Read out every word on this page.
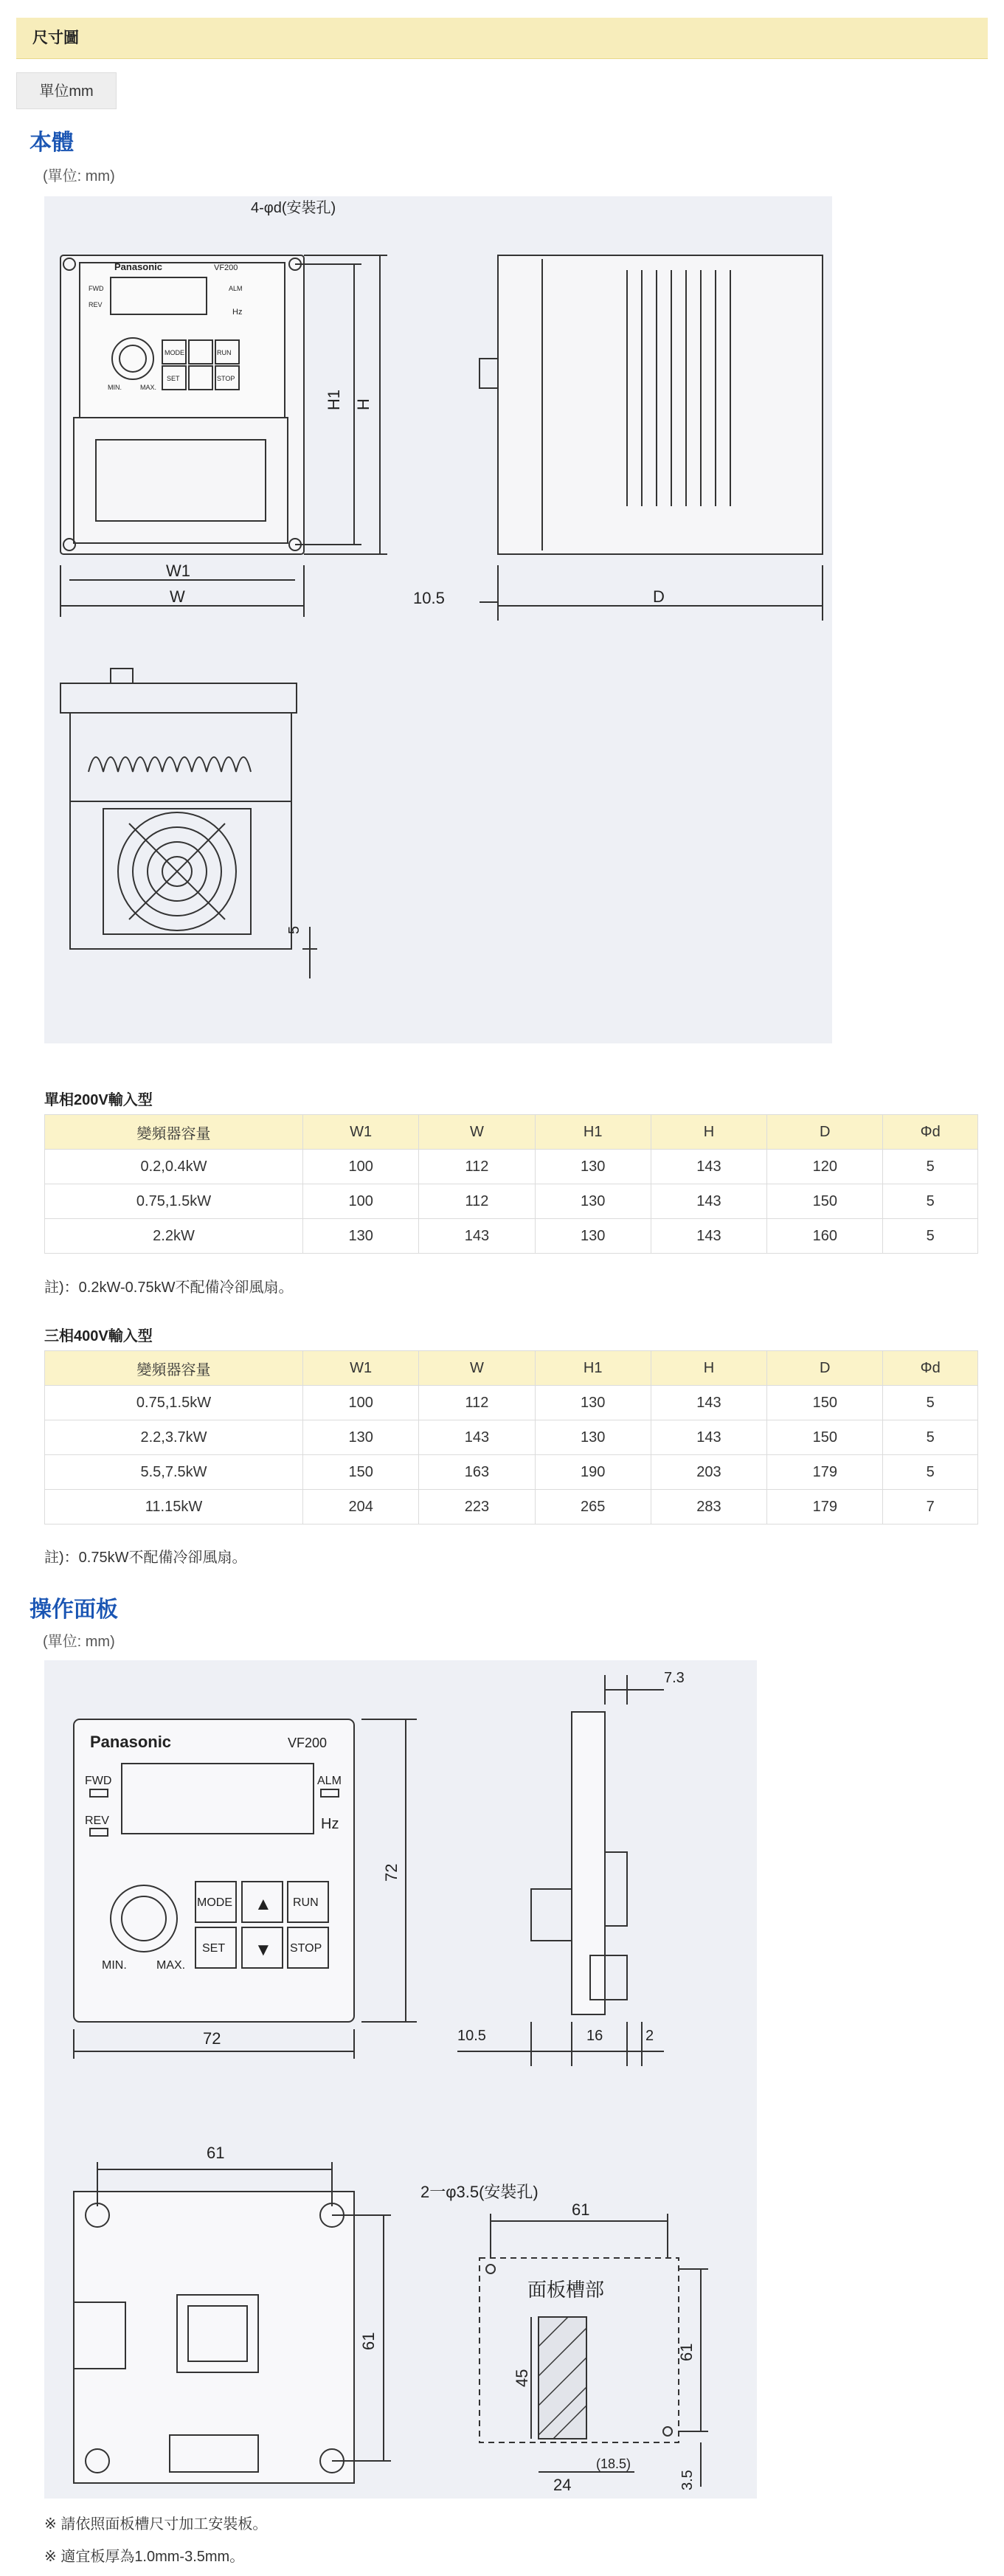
尺寸圖
單位mm
本體
(單位: mm)
4-φd(安裝孔)
Panasonic	VF200
FWD
REV
ALM
Hz
MODE	RUN
SET	STOP
MIN.	MAX.
W1
W
H1 H
10.5	D
5
單相200V輸入型
變頻器容量	W1	W	H1	H	D	Φd
0.2,0.4kW	100	112	130	143	120	5
0.75,1.5kW	100	112	130	143	150	5
2.2kW	130	143	130	143	160	5
註)：0.2kW-0.75kW不配備冷卻風扇。
三相400V輸入型
變頻器容量	W1	W	H1	H	D	Φd
0.75,1.5kW	100	112	130	143	150	5
2.2,3.7kW	130	143	130	143	150	5
5.5,7.5kW	150	163	190	203	179	5
11.15kW	204	223	265	283	179	7
註)：0.75kW不配備冷卻風扇。
操作面板
(單位: mm)
Panasonic	VF200
FWD
REV
ALM
Hz
MODE	RUN
SET	STOP
▲
▼
MIN.	MAX.
72
72
7.3
10.5	16	2
61
61
2一φ3.5(安裝孔)
61
面板槽部
45
61
24
(18.5)
3.5
※ 請依照面板槽尺寸加工安裝板。
※ 適宜板厚為1.0mm-3.5mm。
